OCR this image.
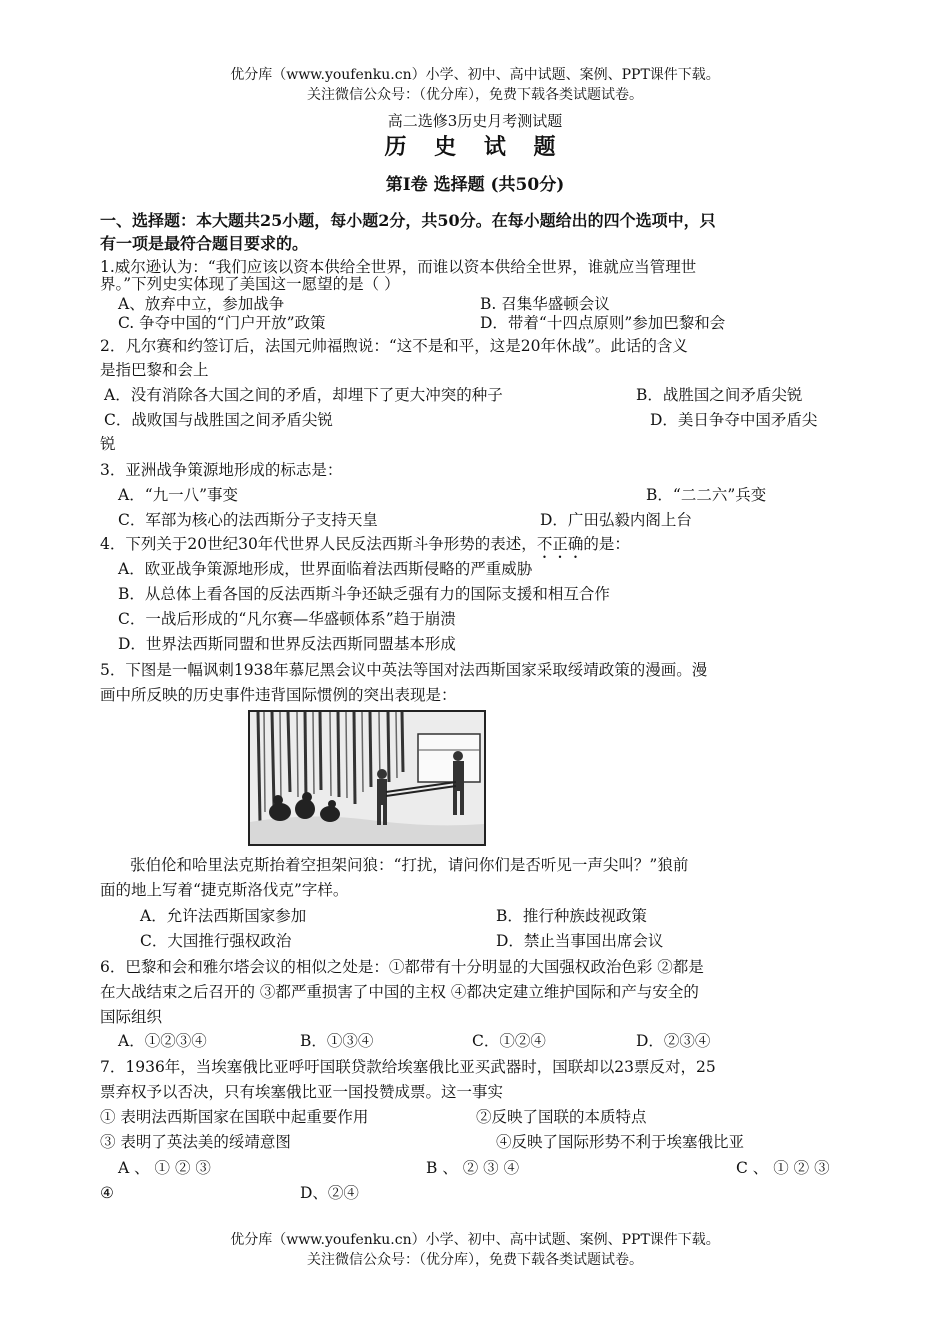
优分库（www.youfenku.cn）小学、初中、高中试题、案例、PPT课件下载。
关注微信公众号：（优分库），免费下载各类试题试卷。
高二选修3历史月考测试题
历 史 试 题
第I卷 选择题 (共50分)
一、选择题：本大题共25小题，每小题2分，共50分。在每小题给出的四个选项中，只
有一项是最符合题目要求的。
1.威尔逊认为：“我们应该以资本供给全世界，而谁以资本供给全世界，谁就应当管理世
界。”下列史实体现了美国这一愿望的是（ ）
A、放弃中立，参加战争	B. 召集华盛顿会议
C. 争夺中国的“门户开放”政策	D．带着“十四点原则”参加巴黎和会
2．凡尔赛和约签订后，法国元帅福煦说：“这不是和平，这是20年休战”。此话的含义
是指巴黎和会上
A．没有消除各大国之间的矛盾，却埋下了更大冲突的种子	B．战胜国之间矛盾尖锐
C．战败国与战胜国之间矛盾尖锐	D．美日争夺中国矛盾尖
锐
3．亚洲战争策源地形成的标志是：
A．“九一八”事变	B．“二二六”兵变
C．军部为核心的法西斯分子支持天皇	D．广田弘毅内阁上台
4．下列关于20世纪30年代世界人民反法西斯斗争形势的表述，不正确的是：
A．欧亚战争策源地形成，世界面临着法西斯侵略的严重威胁
B．从总体上看各国的反法西斯斗争还缺乏强有力的国际支援和相互合作
C．一战后形成的“凡尔赛—华盛顿体系”趋于崩溃
D．世界法西斯同盟和世界反法西斯同盟基本形成
5．下图是一幅讽刺1938年慕尼黑会议中英法等国对法西斯国家采取绥靖政策的漫画。漫
画中所反映的历史事件违背国际惯例的突出表现是：
张伯伦和哈里法克斯抬着空担架问狼：“打扰，请问你们是否听见一声尖叫？”狼前
面的地上写着“捷克斯洛伐克”字样。
A．允许法西斯国家参加	B．推行种族歧视政策
C．大国推行强权政治	D．禁止当事国出席会议
6．巴黎和会和雅尔塔会议的相似之处是：①都带有十分明显的大国强权政治色彩 ②都是
在大战结束之后召开的 ③都严重损害了中国的主权 ④都决定建立维护国际和产与安全的
国际组织
A．①②③④	B．①③④	C．①②④	D．②③④
7．1936年，当埃塞俄比亚呼吁国联贷款给埃塞俄比亚买武器时，国联却以23票反对，25
票弃权予以否决，只有埃塞俄比亚一国投赞成票。这一事实
① 表明法西斯国家在国联中起重要作用	②反映了国联的本质特点
③ 表明了英法美的绥靖意图	④反映了国际形势不利于埃塞俄比亚
A 、 ① ② ③	B 、 ② ③ ④	C 、 ① ② ③
④	D、②④
优分库（www.youfenku.cn）小学、初中、高中试题、案例、PPT课件下载。
关注微信公众号：（优分库），免费下载各类试题试卷。
